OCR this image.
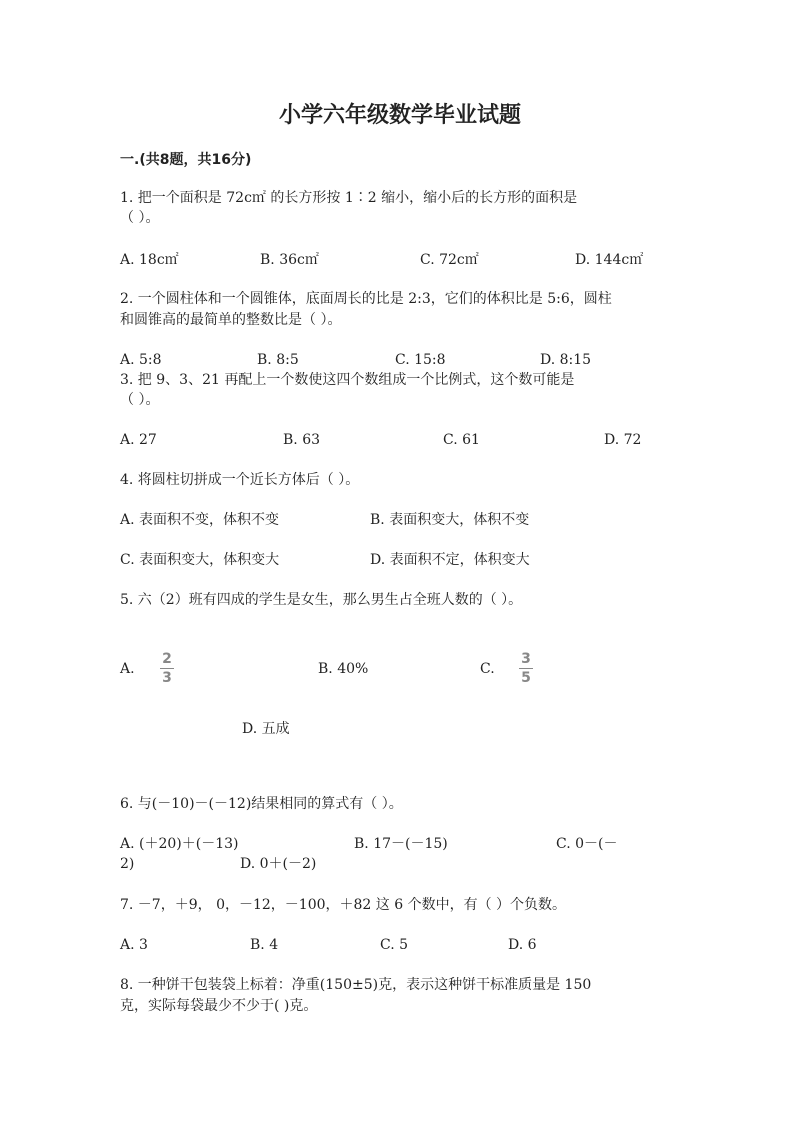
小学六年级数学毕业试题
一.(共8题，共16分)
1. 把一个面积是 72c㎡ 的长方形按 1∶2 缩小，缩小后的长方形的面积是
（ ）。
A. 18c㎡	B. 36c㎡	C. 72c㎡	D. 144c㎡
2. 一个圆柱体和一个圆锥体，底面周长的比是 2:3，它们的体积比是 5:6，圆柱
和圆锥高的最简单的整数比是（ ）。
A. 5:8	B. 8:5	C. 15:8	D. 8:15
3. 把 9、3、21 再配上一个数使这四个数组成一个比例式，这个数可能是
（ ）。
A. 27	B. 63	C. 61	D. 72
4. 将圆柱切拼成一个近长方体后（ ）。
A. 表面积不变，体积不变	B. 表面积变大，体积不变
C. 表面积变大，体积变大	D. 表面积不定，体积变大
5. 六（2）班有四成的学生是女生，那么男生占全班人数的（ ）。
A.
2
3
B. 40%	C.
3
5
D. 五成
6. 与(－10)－(－12)结果相同的算式有（ ）。
A. (＋20)＋(－13)	B. 17－(－15)	C. 0－(－
2)	D. 0＋(－2)
7. －7，＋9， 0，－12，－100，＋82 这 6 个数中，有（ ）个负数。
A. 3	B. 4	C. 5	D. 6
8. 一种饼干包装袋上标着：净重(150±5)克，表示这种饼干标准质量是 150
克，实际每袋最少不少于( )克。
